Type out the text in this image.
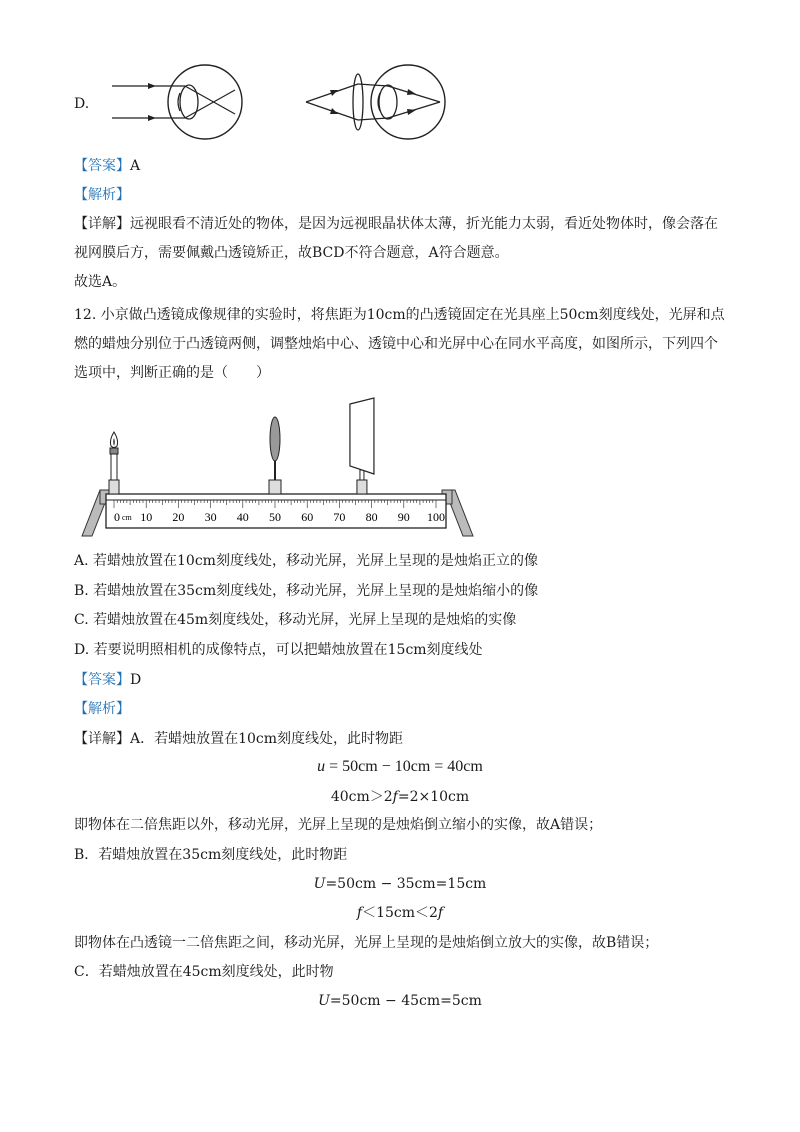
D.
【答案】A
【解析】
【详解】远视眼看不清近处的物体，是因为远视眼晶状体太薄，折光能力太弱，看近处物体时，像会落在
视网膜后方，需要佩戴凸透镜矫正，故BCD不符合题意，A符合题意。
故选A。
12. 小京做凸透镜成像规律的实验时，将焦距为10cm的凸透镜固定在光具座上50cm刻度线处，光屏和点
燃的蜡烛分别位于凸透镜两侧，调整烛焰中心、透镜中心和光屏中心在同水平高度，如图所示，下列四个
选项中，判断正确的是（　　）
0 10 20 30 40 50 60 70 80 90 100
cm
A. 若蜡烛放置在10cm刻度线处，移动光屏，光屏上呈现的是烛焰正立的像
B. 若蜡烛放置在35cm刻度线处，移动光屏，光屏上呈现的是烛焰缩小的像
C. 若蜡烛放置在45m刻度线处，移动光屏，光屏上呈现的是烛焰的实像
D. 若要说明照相机的成像特点，可以把蜡烛放置在15cm刻度线处
【答案】D
【解析】
【详解】A．若蜡烛放置在10cm刻度线处，此时物距
u = 50cm − 10cm = 40cm
40cm＞2f=2×10cm
即物体在二倍焦距以外，移动光屏，光屏上呈现的是烛焰倒立缩小的实像，故A错误；
B．若蜡烛放置在35cm刻度线处，此时物距
U=50cm − 35cm=15cm
f＜15cm＜2f
即物体在凸透镜一二倍焦距之间，移动光屏，光屏上呈现的是烛焰倒立放大的实像，故B错误；
C．若蜡烛放置在45cm刻度线处，此时物
U=50cm − 45cm=5cm
